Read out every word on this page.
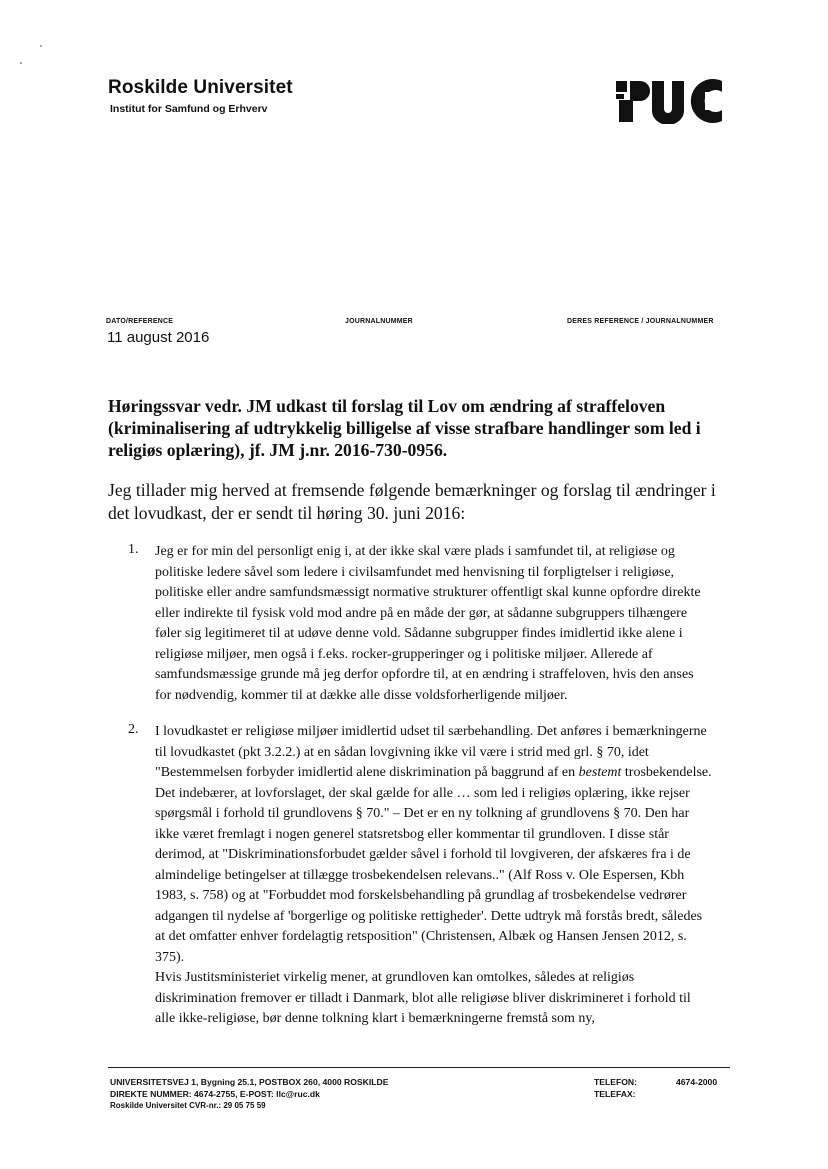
Roskilde Universitet
Institut for Samfund og Erhverv
DATO/REFERENCE	JOURNALNUMMER	DERES REFERENCE / JOURNALNUMMER
11 august 2016
Høringssvar vedr. JM udkast til forslag til Lov om ændring af straffeloven (kriminalisering af udtrykkelig billigelse af visse strafbare handlinger som led i religiøs oplæring), jf. JM j.nr. 2016-730-0956.
Jeg tillader mig herved at fremsende følgende bemærkninger og forslag til ændringer i det lovudkast, der er sendt til høring 30. juni 2016:
1. Jeg er for min del personligt enig i, at der ikke skal være plads i samfundet til, at religiøse og politiske ledere såvel som ledere i civilsamfundet med henvisning til forpligtelser i religiøse, politiske eller andre samfundsmæssigt normative strukturer offentligt skal kunne opfordre direkte eller indirekte til fysisk vold mod andre på en måde der gør, at sådanne subgruppers tilhængere føler sig legitimeret til at udøve denne vold. Sådanne subgrupper findes imidlertid ikke alene i religiøse miljøer, men også i f.eks. rocker-grupperinger og i politiske miljøer. Allerede af samfundsmæssige grunde må jeg derfor opfordre til, at en ændring i straffeloven, hvis den anses for nødvendig, kommer til at dække alle disse voldsforherligende miljøer.
2. I lovudkastet er religiøse miljøer imidlertid udset til særbehandling. Det anføres i bemærkningerne til lovudkastet (pkt 3.2.2.) at en sådan lovgivning ikke vil være i strid med grl. § 70, idet "Bestemmelsen forbyder imidlertid alene diskrimination på baggrund af en bestemt trosbekendelse. Det indebærer, at lovforslaget, der skal gælde for alle … som led i religiøs oplæring, ikke rejser spørgsmål i forhold til grundlovens § 70." – Det er en ny tolkning af grundlovens § 70. Den har ikke været fremlagt i nogen generel statsretsbog eller kommentar til grundloven. I disse står derimod, at "Diskriminationsforbudet gælder såvel i forhold til lovgiveren, der afskæres fra i de almindelige betingelser at tillægge trosbekendelsen relevans.." (Alf Ross v. Ole Espersen, Kbh 1983, s. 758) og at "Forbuddet mod forskelsbehandling på grundlag af trosbekendelse vedrører adgangen til nydelse af 'borgerlige og politiske rettigheder'. Dette udtryk må forstås bredt, således at det omfatter enhver fordelagtig retsposition" (Christensen, Albæk og Hansen Jensen 2012, s. 375).
Hvis Justitsministeriet virkelig mener, at grundloven kan omtolkes, således at religiøs diskrimination fremover er tilladt i Danmark, blot alle religiøse bliver diskrimineret i forhold til alle ikke-religiøse, bør denne tolkning klart i bemærkningerne fremstå som ny,
UNIVERSITETSVEJ 1, Bygning 25.1, POSTBOX 260, 4000 ROSKILDE
DIREKTE NUMMER: 4674-2755, E-POST: llc@ruc.dk
Roskilde Universitet CVR-nr.: 29 05 75 59
TELEFON:	4674-2000
TELEFAX:
